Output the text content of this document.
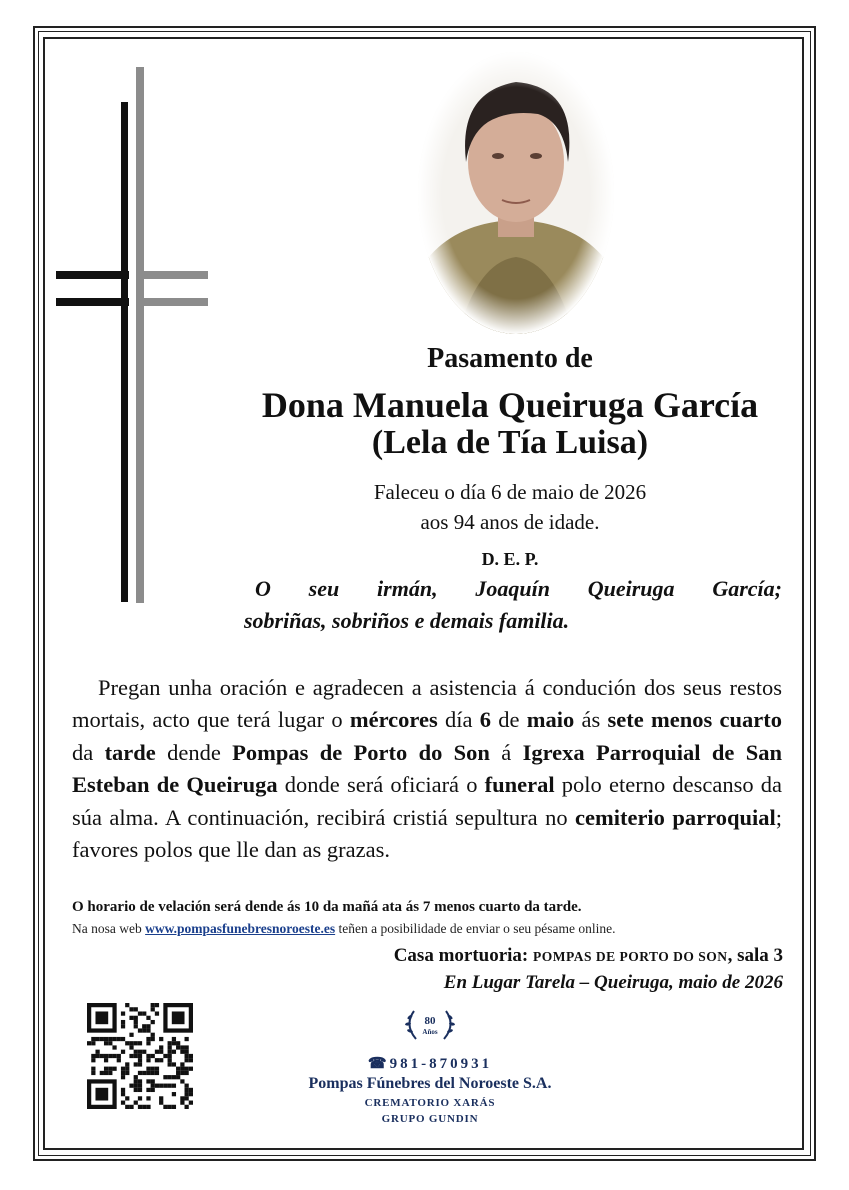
Pasamento de
Dona Manuela Queiruga García
(Lela de Tía Luisa)
Faleceu o día 6 de maio de 2026
aos 94 anos de idade.
D. E. P.
O seu irmán, Joaquín Queiruga García;
sobriñas, sobriños e demais familia.
Pregan unha oración e agradecen a asistencia á condución dos seus restos mortais, acto que terá lugar o mércores día 6 de maio ás sete menos cuarto da tarde dende Pompas de Porto do Son á Igrexa Parroquial de San Esteban de Queiruga donde será oficiará o funeral polo eterno descanso da súa alma. A continuación, recibirá cristiá sepultura no cemiterio parroquial; favores polos que lle dan as grazas.
O horario de velación será dende ás 10 da mañá ata ás 7 menos cuarto da tarde.
Na nosa web www.pompasfunebresnoroeste.es teñen a posibilidade de enviar o seu pésame online.
Casa mortuoria: POMPAS DE PORTO DO SON, sala 3
En Lugar Tarela – Queiruga, maio de 2026
80
Años
☎981-870931
Pompas Fúnebres del Noroeste S.A.
CREMATORIO XARÁS
GRUPO GUNDIN
